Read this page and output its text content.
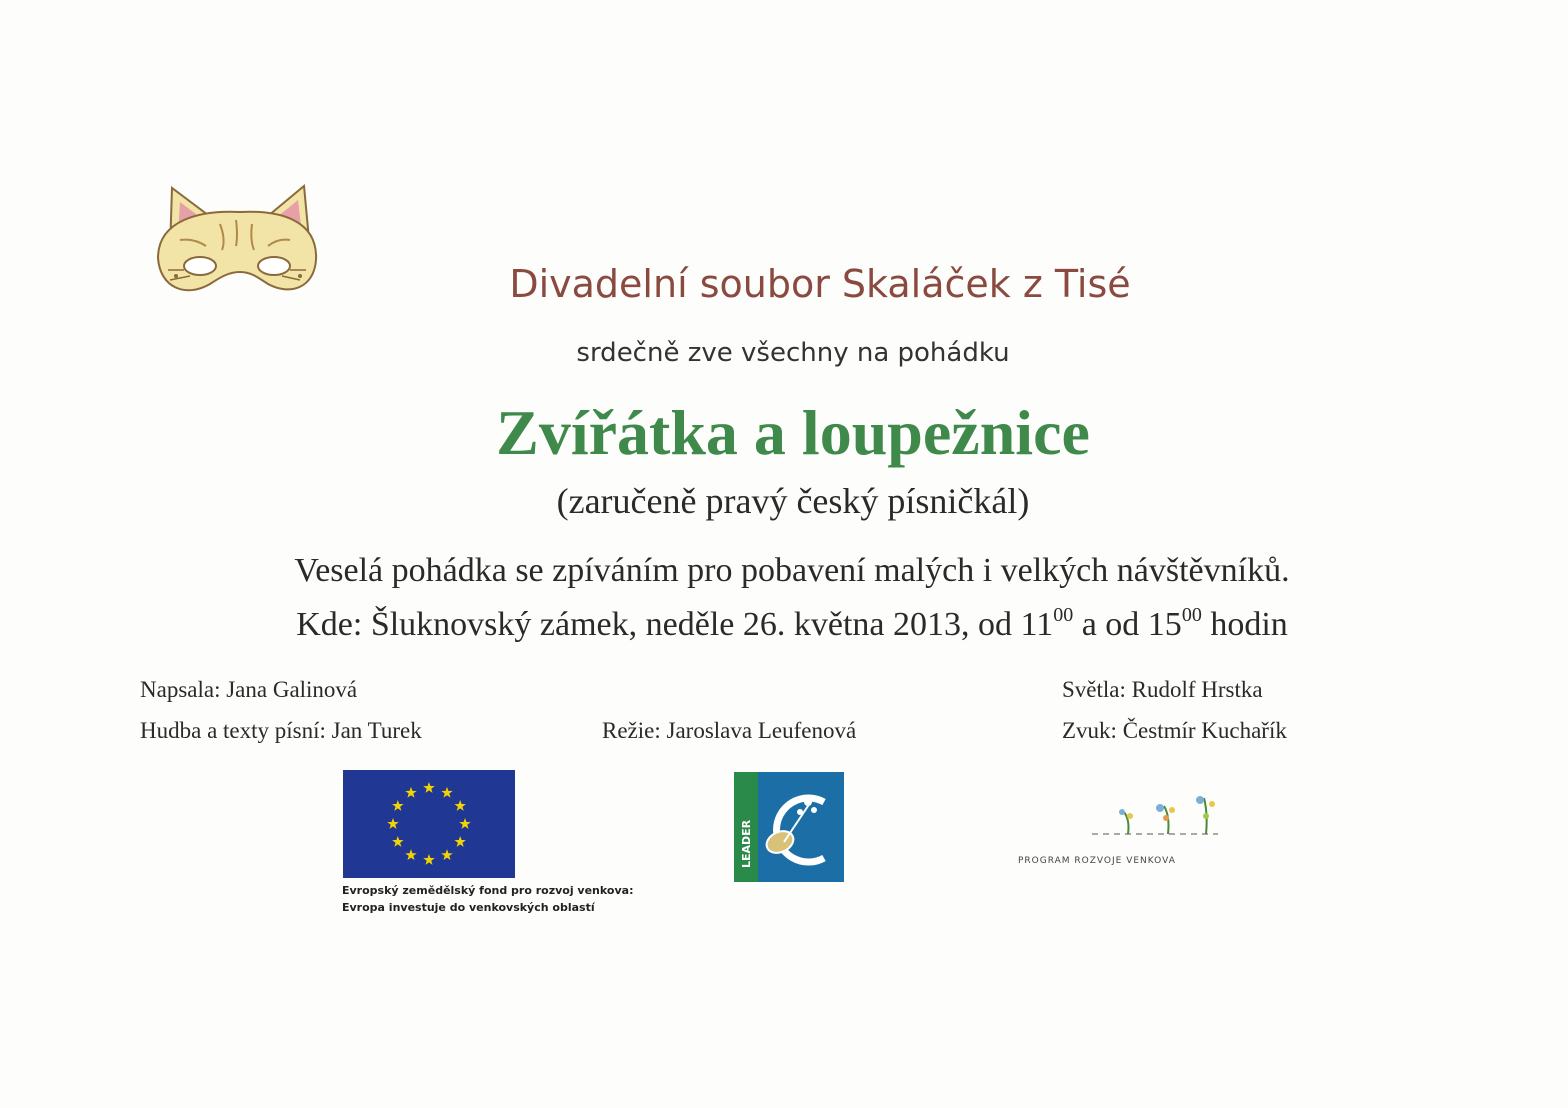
Divadelní soubor Skaláček z Tisé
srdečně zve všechny na pohádku
Zvířátka a loupežnice
(zaručeně pravý český písničkál)
Veselá pohádka se zpíváním pro pobavení malých i velkých návštěvníků.
Kde: Šluknovský zámek, neděle 26. května 2013, od $11^{00}$ a od $15^{00}$ hodin
Napsala: Jana Galinová
Hudba a texty písní: Jan Turek	Režie: Jaroslava Leufenová
Světla: Rudolf Hrstka
Zvuk: Čestmír Kuchařík
Evropský zemědělský fond pro rozvoj venkova:
Evropa investuje do venkovských oblastí
LEADER	PROGRAM ROZVOJE VENKOVA
